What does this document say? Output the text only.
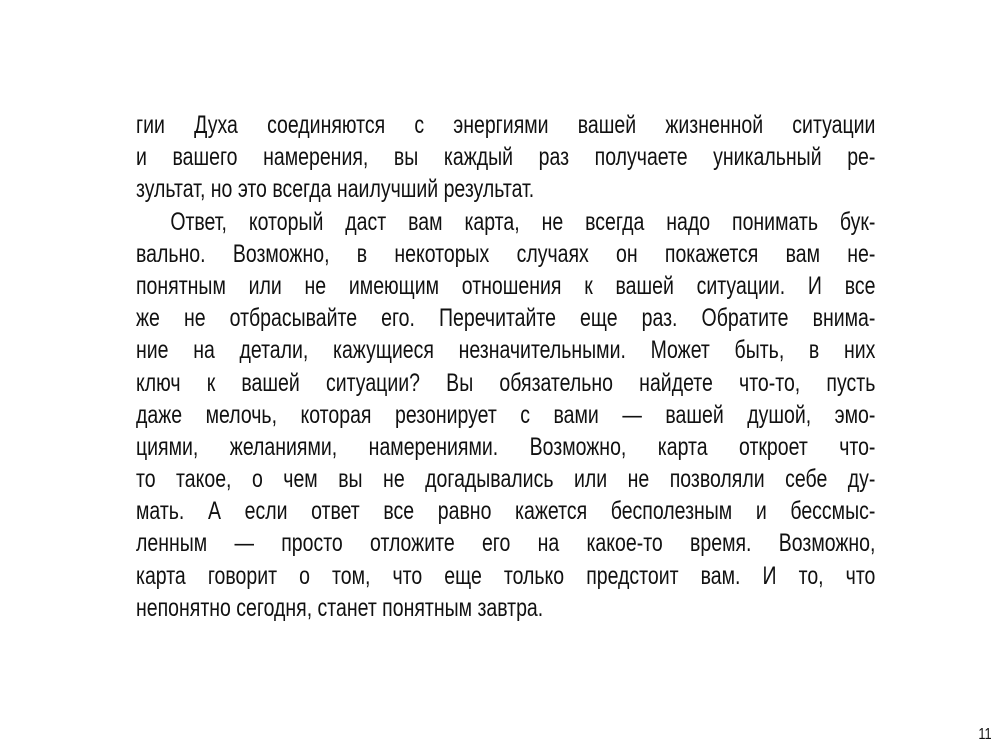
гии Духа соединяются с энергиями вашей жизненной ситуации
и вашего намерения, вы каждый раз получаете уникальный ре-
зультат, но это всегда наилучший результат.
Ответ, который даст вам карта, не всегда надо понимать бук-
вально. Возможно, в некоторых случаях он покажется вам не-
понятным или не имеющим отношения к вашей ситуации. И все
же не отбрасывайте его. Перечитайте еще раз. Обратите внима-
ние на детали, кажущиеся незначительными. Может быть, в них
ключ к вашей ситуации? Вы обязательно найдете что-то, пусть
даже мелочь, которая резонирует с вами — вашей душой, эмо-
циями, желаниями, намерениями. Возможно, карта откроет что-
то такое, о чем вы не догадывались или не позволяли себе ду-
мать. А если ответ все равно кажется бесполезным и бессмыс-
ленным — просто отложите его на какое-то время. Возможно,
карта говорит о том, что еще только предстоит вам. И то, что
непонятно сегодня, станет понятным завтра.
11
